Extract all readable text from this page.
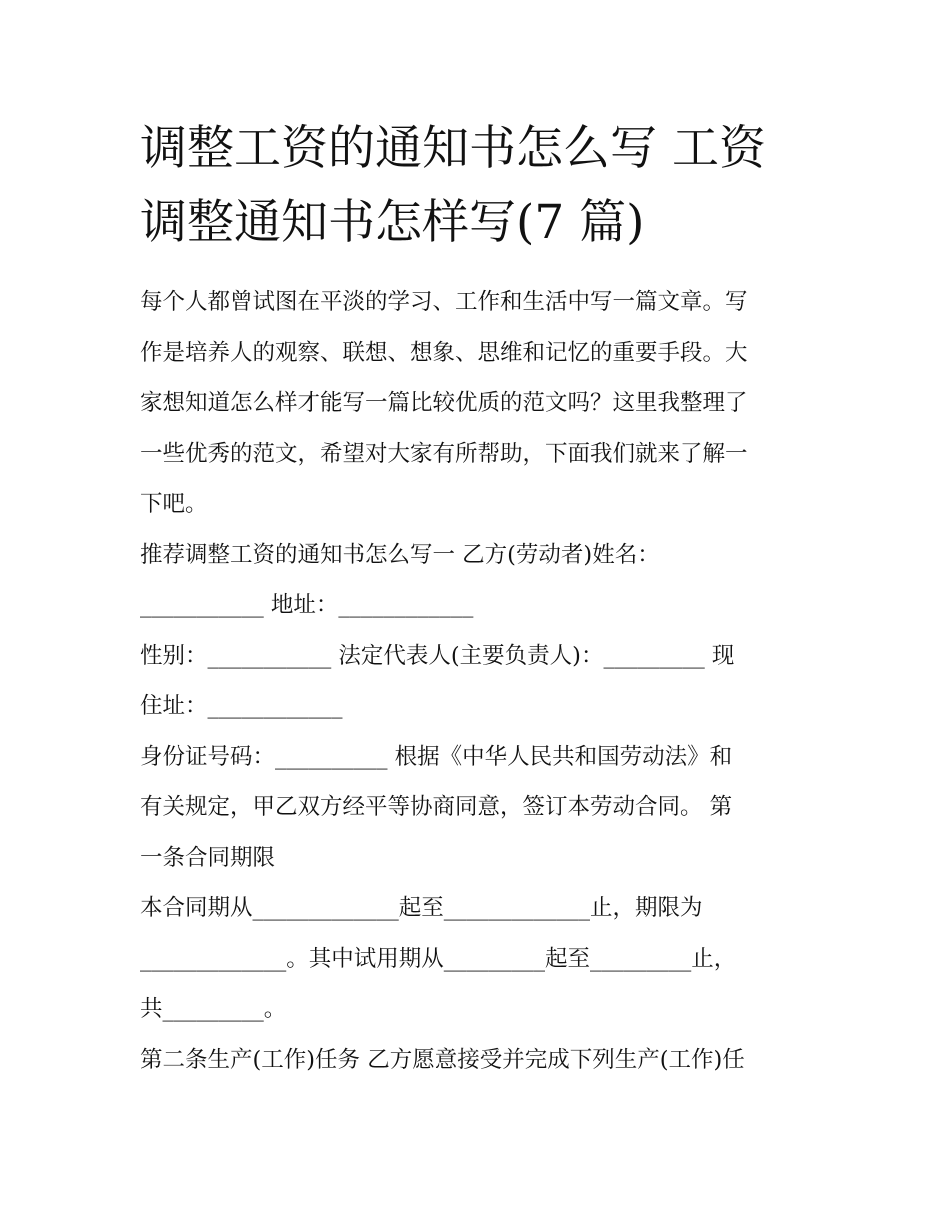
调整工资的通知书怎么写 工资
调整通知书怎样写(7 篇)
每个人都曾试图在平淡的学习、工作和生活中写一篇文章。写
作是培养人的观察、联想、想象、思维和记忆的重要手段。大
家想知道怎么样才能写一篇比较优质的范文吗？这里我整理了
一些优秀的范文，希望对大家有所帮助，下面我们就来了解一
下吧。
推荐调整工资的通知书怎么写一 乙方(劳动者)姓名：
___________ 地址：____________
性别：___________ 法定代表人(主要负责人)：_________ 现
住址：____________
身份证号码：__________ 根据《中华人民共和国劳动法》和
有关规定，甲乙双方经平等协商同意，签订本劳动合同。 第
一条合同期限
本合同期从_____________起至_____________止，期限为
_____________。其中试用期从_________起至_________止，
共_________。
第二条生产(工作)任务 乙方愿意接受并完成下列生产(工作)任
